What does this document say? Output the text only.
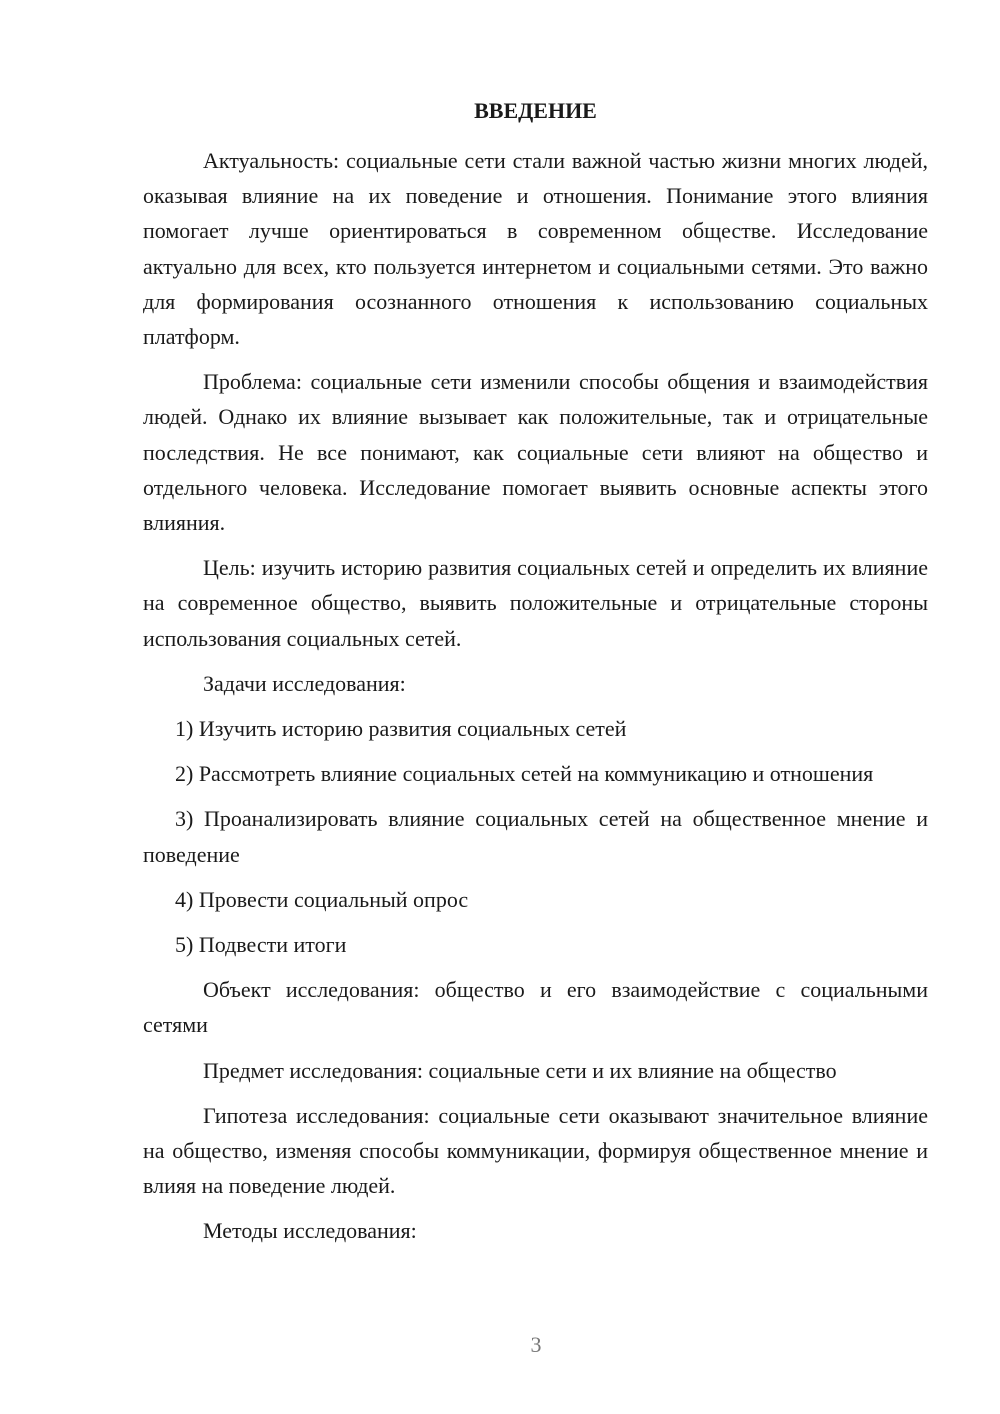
ВВЕДЕНИЕ

Актуальность: социальные сети стали важной частью жизни многих людей, оказывая влияние на их поведение и отношения. Понимание этого влияния помогает лучше ориентироваться в современном обществе. Исследование актуально для всех, кто пользуется интернетом и социальными сетями. Это важно для формирования осознанного отношения к использованию социальных платформ.

Проблема: социальные сети изменили способы общения и взаимодействия людей. Однако их влияние вызывает как положительные, так и отрицательные последствия. Не все понимают, как социальные сети влияют на общество и отдельного человека. Исследование помогает выявить основные аспекты этого влияния.

Цель: изучить историю развития социальных сетей и определить их влияние на современное общество, выявить положительные и отрицательные стороны использования социальных сетей.

Задачи исследования:

1) Изучить историю развития социальных сетей

2) Рассмотреть влияние социальных сетей на коммуникацию и отношения

3) Проанализировать влияние социальных сетей на общественное мнение и поведение

4) Провести социальный опрос

5) Подвести итоги

Объект исследования: общество и его взаимодействие с социальными сетями

Предмет исследования: социальные сети и их влияние на общество

Гипотеза исследования: социальные сети оказывают значительное влияние на общество, изменяя способы коммуникации, формируя общественное мнение и влияя на поведение людей.

Методы исследования:

3
